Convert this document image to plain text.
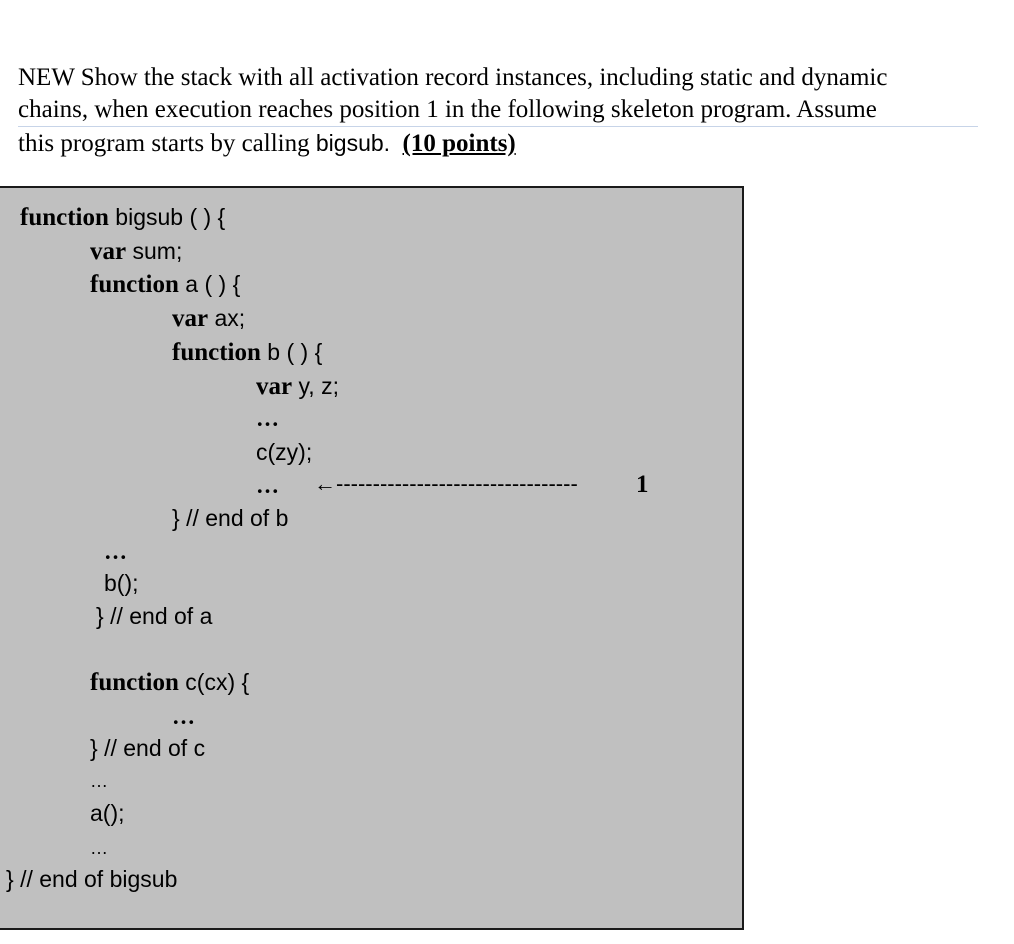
NEW Show the stack with all activation record instances, including static and dynamic
chains, when execution reaches position 1 in the following skeleton program. Assume
this program starts by calling bigsub. (10 points)
function bigsub ( ) {
var sum;
function a ( ) {
var ax;
function b ( ) {
var y, z;
…
c(zy);
… ←--------------------------------- 1
} // end of b
…
b();
} // end of a
function c(cx) {
…
} // end of c
…
a();
…
} // end of bigsub
